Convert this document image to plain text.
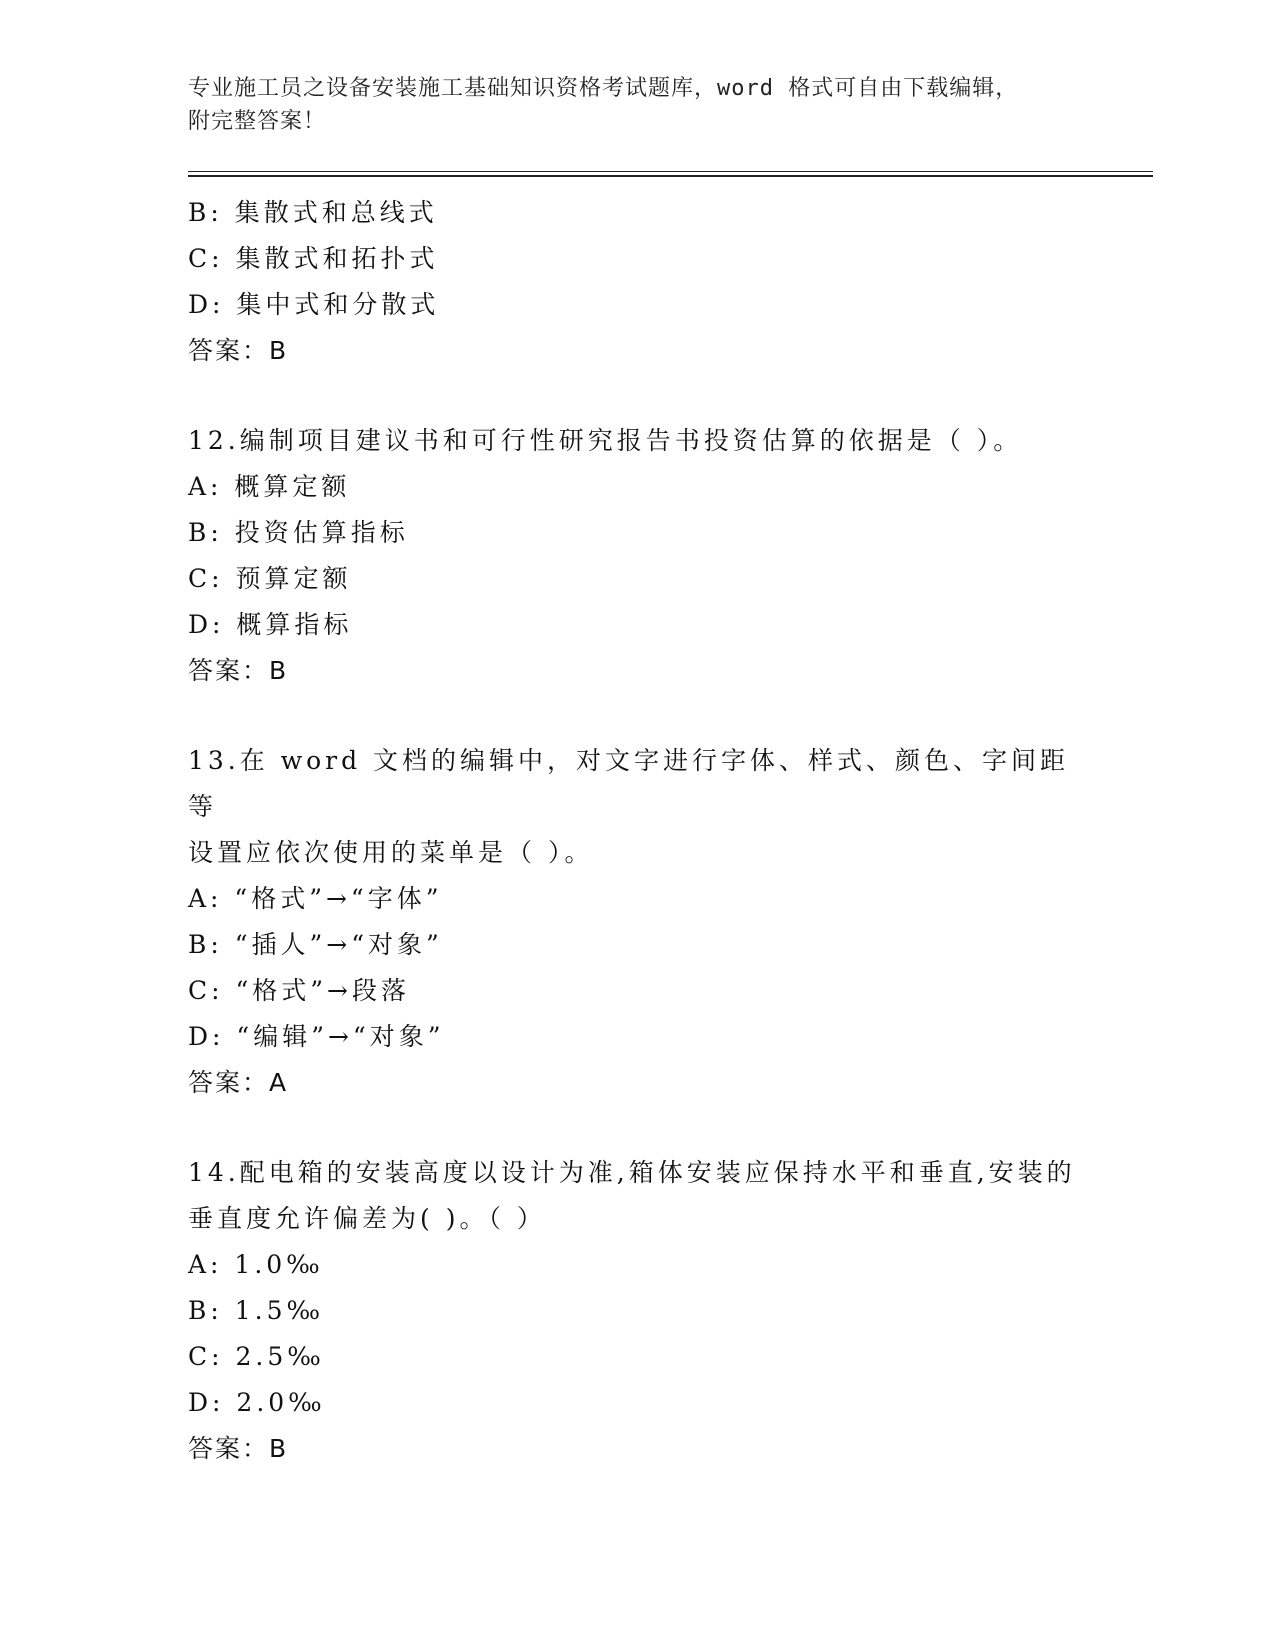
专业施工员之设备安装施工基础知识资格考试题库，word 格式可自由下载编辑，
附完整答案！

B: 集散式和总线式

C: 集散式和拓扑式

D: 集中式和分散式

答案：B

12.编制项目建议书和可行性研究报告书投资估算的依据是（ ）。

A: 概算定额

B: 投资估算指标

C: 预算定额

D: 概算指标

答案：B

13.在 word 文档的编辑中，对文字进行字体、样式、颜色、字间距等

设置应依次使用的菜单是（ ）。

A: “格式”→“字体”

B: “插人”→“对象”

C: “格式”→段落

D: “编辑”→“对象”

答案：A

14.配电箱的安装高度以设计为准,箱体安装应保持水平和垂直,安装的

垂直度允许偏差为( )。（ ）

A: 1.0‰

B: 1.5‰

C: 2.5‰

D: 2.0‰

答案：B
